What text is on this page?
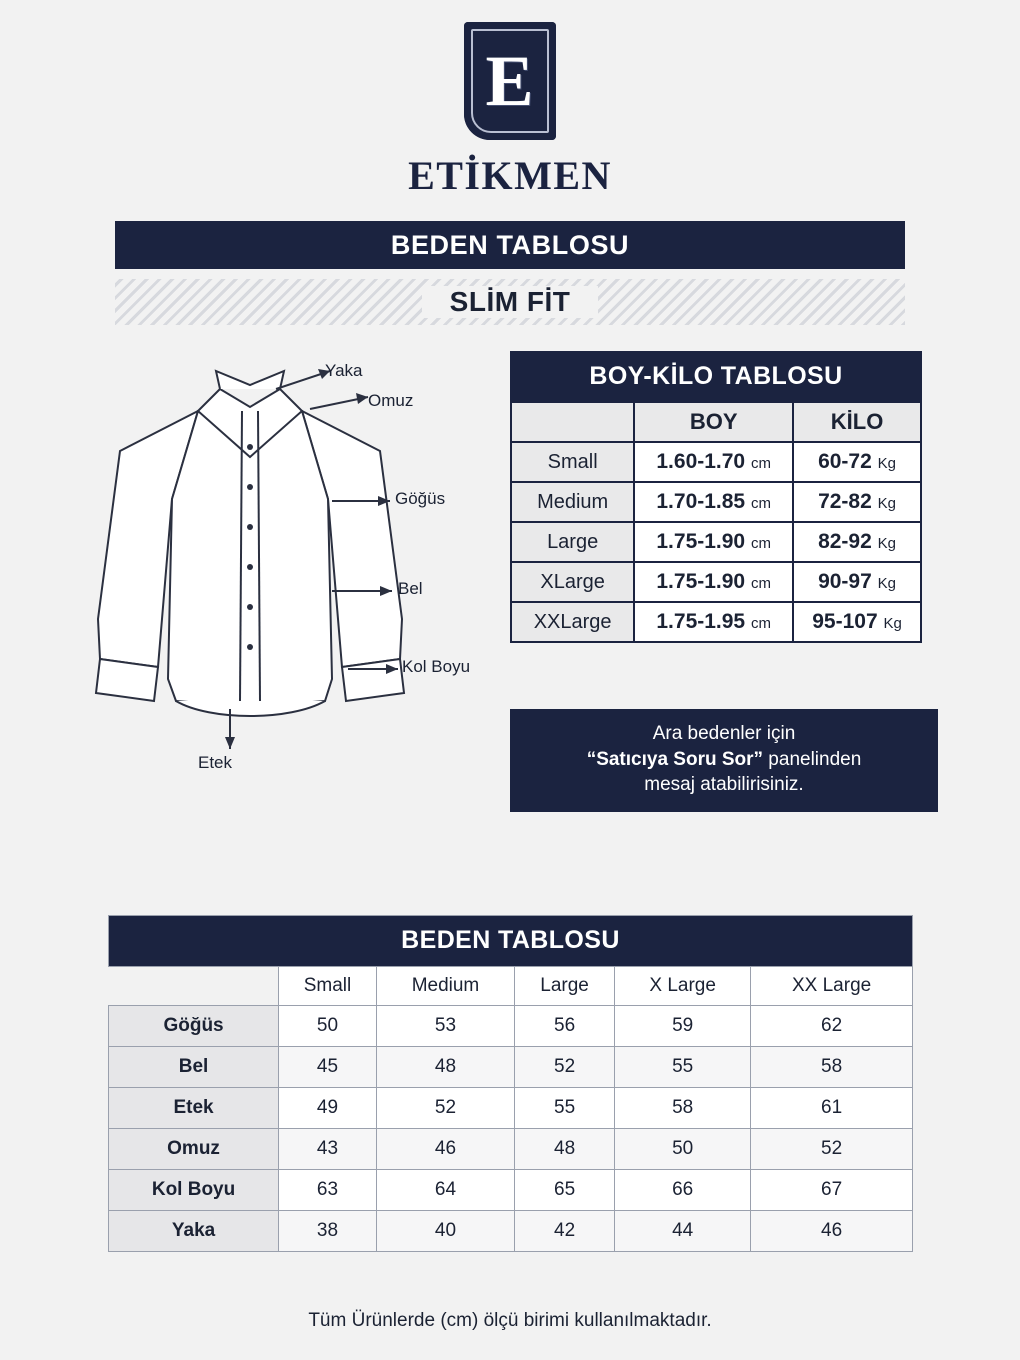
E
ETİKMEN
BEDEN TABLOSU
SLİM FİT
Yaka
Omuz
Göğüs
Bel
Kol Boyu
Etek
BOY-KİLO TABLOSU		
	BOY	KİLO
Small	1.60-1.70 cm	60-72 Kg
Medium	1.70-1.85 cm	72-82 Kg
Large	1.75-1.90 cm	82-92 Kg
XLarge	1.75-1.90 cm	90-97 Kg
XXLarge	1.75-1.95 cm	95-107 Kg
Ara bedenler için
“Satıcıya Soru Sor” panelinden
mesaj atabilirisiniz.
BEDEN TABLOSU					
	Small	Medium	Large	X Large	XX Large
Göğüs	50	53	56	59	62
Bel	45	48	52	55	58
Etek	49	52	55	58	61
Omuz	43	46	48	50	52
Kol Boyu	63	64	65	66	67
Yaka	38	40	42	44	46
Tüm Ürünlerde (cm) ölçü birimi kullanılmaktadır.
